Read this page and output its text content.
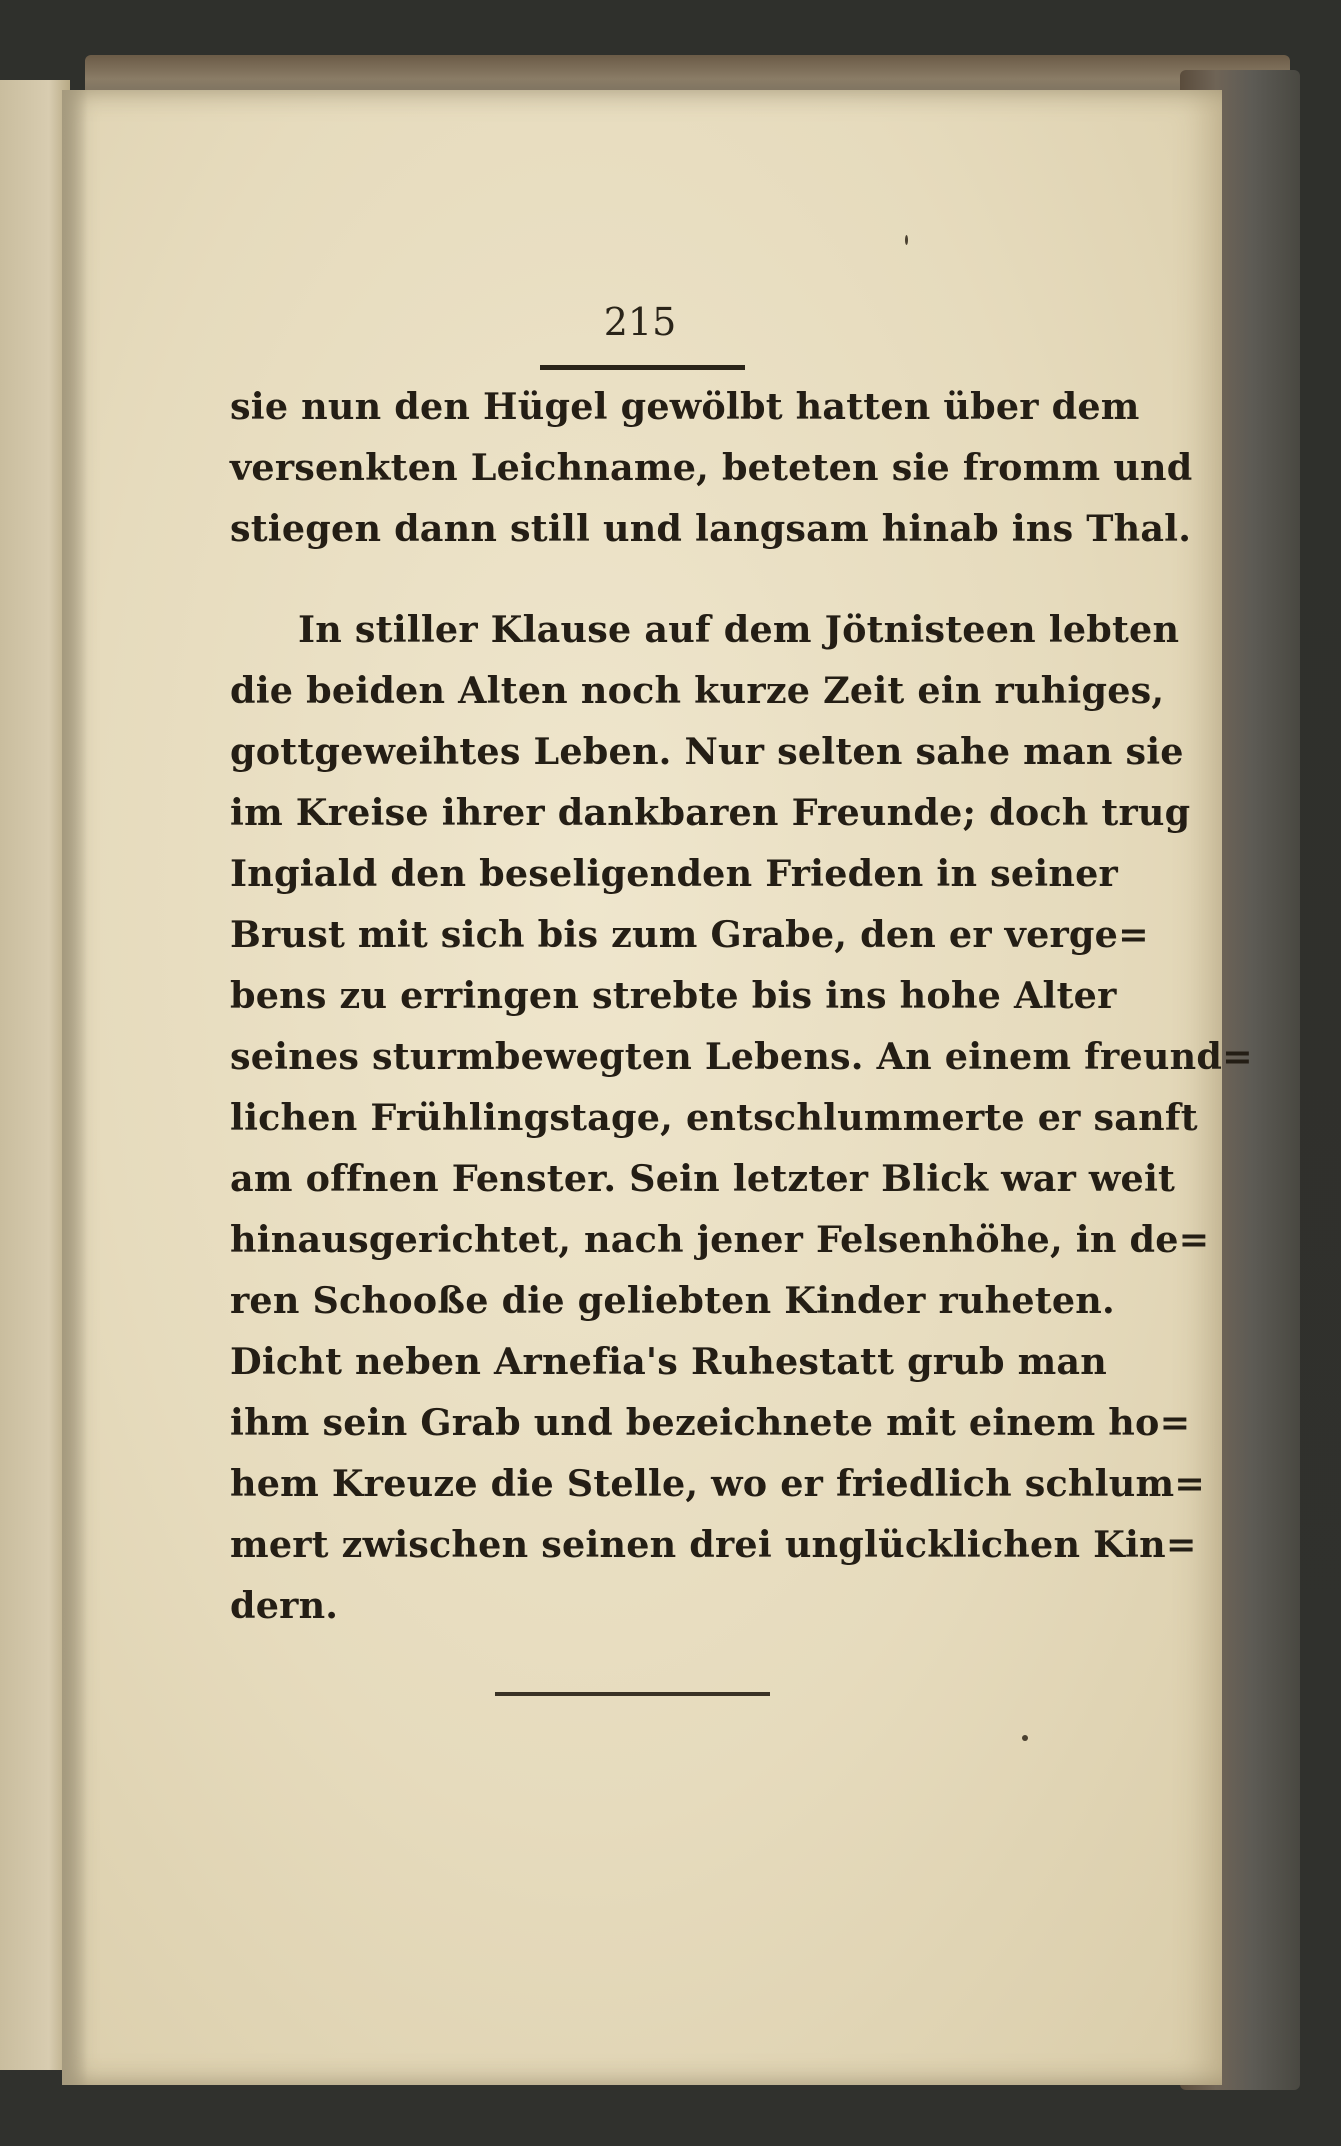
215
sie nun den Hügel gewölbt hatten über dem
versenkten Leichname, beteten sie fromm und
stiegen dann still und langsam hinab ins Thal.
In stiller Klause auf dem Jötnisteen lebten
die beiden Alten noch kurze Zeit ein ruhiges,
gottgeweihtes Leben. Nur selten sahe man sie
im Kreise ihrer dankbaren Freunde; doch trug
Ingiald den beseligenden Frieden in seiner
Brust mit sich bis zum Grabe, den er verge=
bens zu erringen strebte bis ins hohe Alter
seines sturmbewegten Lebens. An einem freund=
lichen Frühlingstage, entschlummerte er sanft
am offnen Fenster. Sein letzter Blick war weit
hinausgerichtet, nach jener Felsenhöhe, in de=
ren Schooße die geliebten Kinder ruheten.
Dicht neben Arnefia's Ruhestatt grub man
ihm sein Grab und bezeichnete mit einem ho=
hem Kreuze die Stelle, wo er friedlich schlum=
mert zwischen seinen drei unglücklichen Kin=
dern.
